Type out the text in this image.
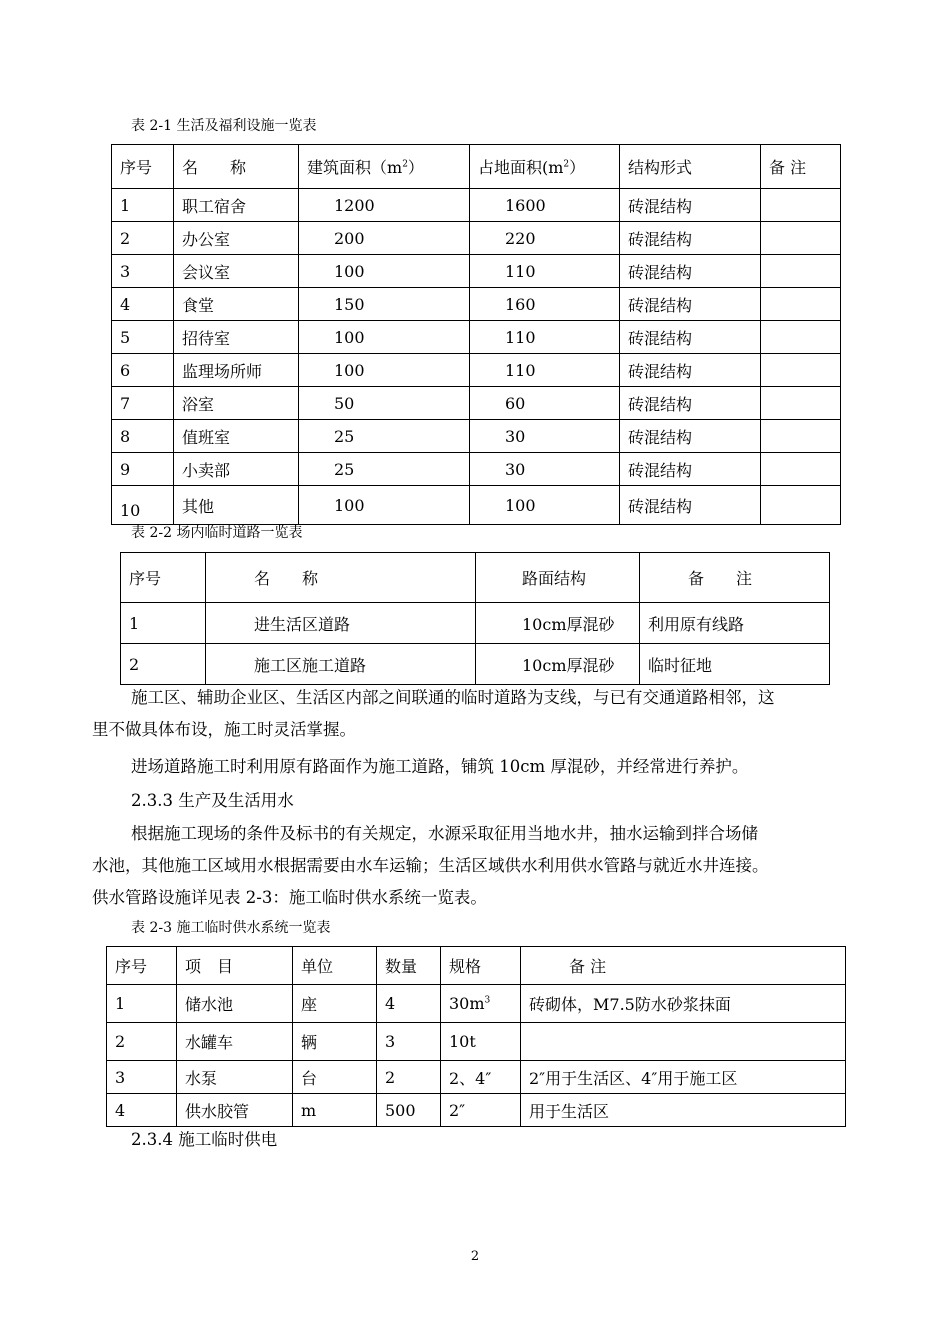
表 2-1 生活及福利设施一览表
序号	名　　称	建筑面积$(m^2)$	占地面积$(m^2)$	结构形式	备 注
1	职工宿舍	1200	1600	砖混结构	
2	办公室	200	220	砖混结构	
3	会议室	100	110	砖混结构	
4	食堂	150	160	砖混结构	
5	招待室	100	110	砖混结构	
6	监理场所师	100	110	砖混结构	
7	浴室	50	60	砖混结构	
8	值班室	25	30	砖混结构	
9	小卖部	25	30	砖混结构	
10	其他	100	100	砖混结构	
表 2-2 场内临时道路一览表
序号	名　　称	路面结构	备　　注
1	进生活区道路	10cm厚混砂	利用原有线路
2	施工区施工道路	10cm厚混砂	临时征地
施工区、辅助企业区、生活区内部之间联通的临时道路为支线，与已有交通道路相邻，这
里不做具体布设，施工时灵活掌握。
进场道路施工时利用原有路面作为施工道路，铺筑 10cm 厚混砂，并经常进行养护。
2.3.3 生产及生活用水
根据施工现场的条件及标书的有关规定，水源采取征用当地水井，抽水运输到拌合场储
水池，其他施工区域用水根据需要由水车运输；生活区域供水利用供水管路与就近水井连接。
供水管路设施详见表 2-3：施工临时供水系统一览表。
表 2-3 施工临时供水系统一览表
序号	项　目	单位	数量	规格	备 注
1	储水池	座	4	$30m^3$	砖砌体，M7.5防水砂浆抹面
2	水罐车	辆	3	10t	
3	水泵	台	2	2、4″	2″用于生活区、4″用于施工区
4	供水胶管	m	500	2″	用于生活区
2.3.4 施工临时供电
2
